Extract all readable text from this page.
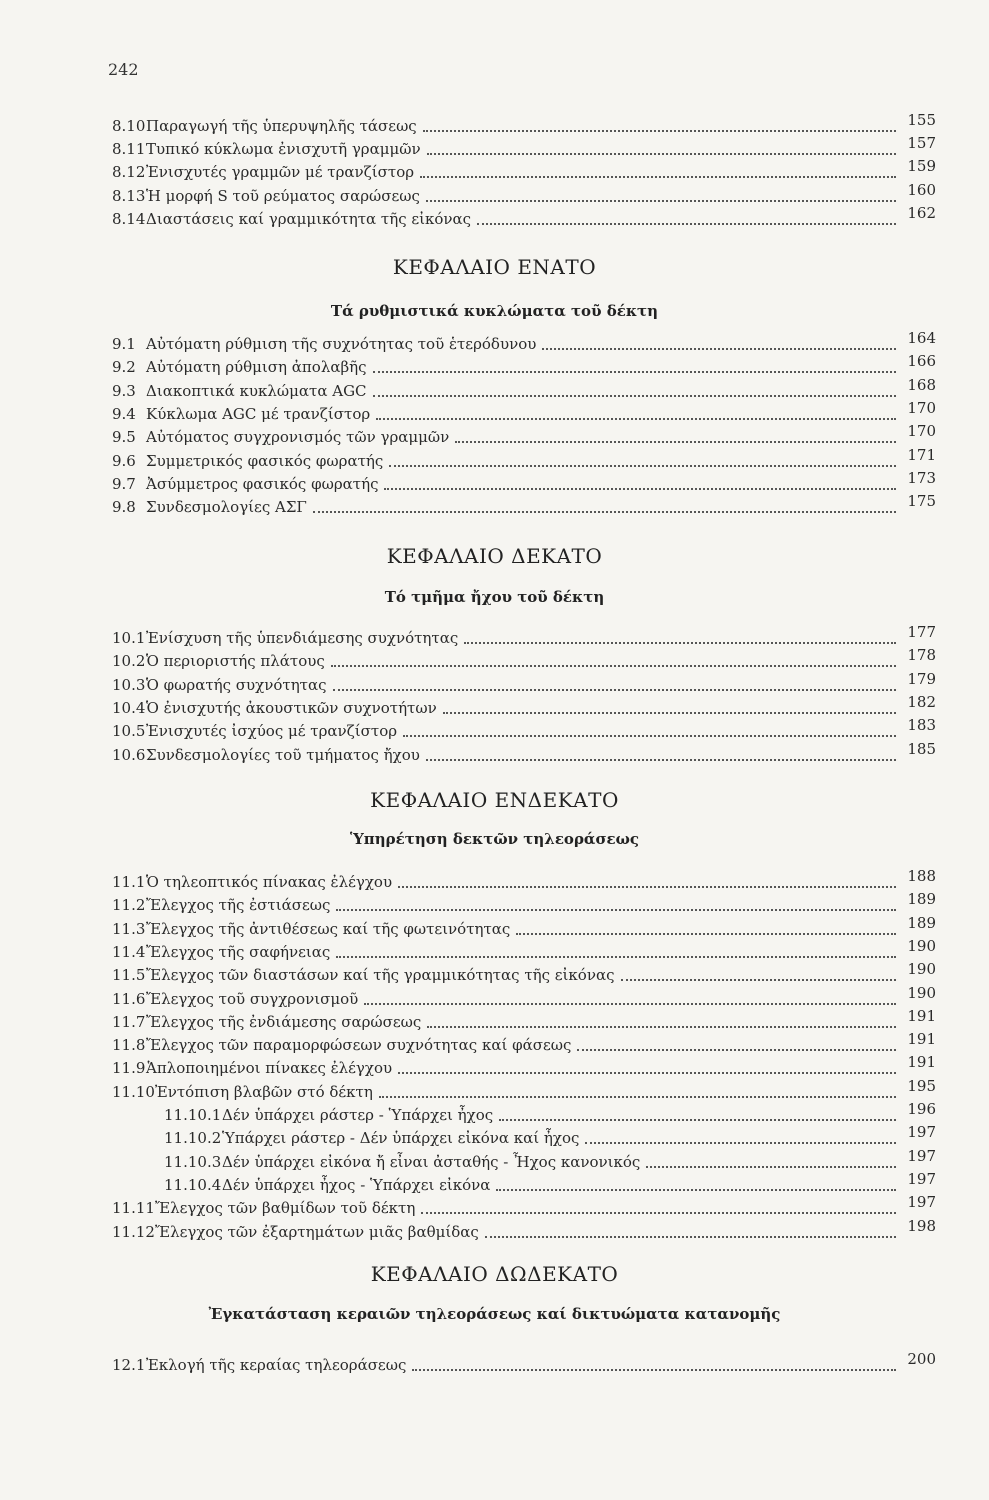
242
8.10 Παραγωγή τῆς ὑπερυψηλῆς τάσεως	155
8.11 Τυπικό κύκλωμα ἐνισχυτῆ γραμμῶν	157
8.12 Ἐνισχυτές γραμμῶν μέ τρανζίστορ	159
8.13 Ἡ μορφή S τοῦ ρεύματος σαρώσεως	160
8.14 Διαστάσεις καί γραμμικότητα τῆς εἰκόνας	162
ΚΕΦΑΛΑΙΟ ΕΝΑΤΟ
Τά ρυθμιστικά κυκλώματα τοῦ δέκτη
9.1 Αὐτόματη ρύθμιση τῆς συχνότητας τοῦ ἑτερόδυνου	164
9.2 Αὐτόματη ρύθμιση ἀπολαβῆς	166
9.3 Διακοπτικά κυκλώματα AGC	168
9.4 Κύκλωμα AGC μέ τρανζίστορ	170
9.5 Αὐτόματος συγχρονισμός τῶν γραμμῶν	170
9.6 Συμμετρικός φασικός φωρατής	171
9.7 Ἀσύμμετρος φασικός φωρατής	173
9.8 Συνδεσμολογίες ΑΣΓ	175
ΚΕΦΑΛΑΙΟ ΔΕΚΑΤΟ
Τό τμῆμα ἤχου τοῦ δέκτη
10.1 Ἐνίσχυση τῆς ὑπενδιάμεσης συχνότητας	177
10.2 Ὁ περιοριστής πλάτους	178
10.3 Ὁ φωρατής συχνότητας	179
10.4 Ὁ ἐνισχυτής ἀκουστικῶν συχνοτήτων	182
10.5 Ἐνισχυτές ἰσχύος μέ τρανζίστορ	183
10.6 Συνδεσμολογίες τοῦ τμήματος ἤχου	185
ΚΕΦΑΛΑΙΟ ΕΝΔΕΚΑΤΟ
Ὑπηρέτηση δεκτῶν τηλεοράσεως
11.1 Ὁ τηλεοπτικός πίνακας ἐλέγχου	188
11.2 Ἔλεγχος τῆς ἐστιάσεως	189
11.3 Ἔλεγχος τῆς ἀντιθέσεως καί τῆς φωτεινότητας	189
11.4 Ἔλεγχος τῆς σαφήνειας	190
11.5 Ἔλεγχος τῶν διαστάσων καί τῆς γραμμικότητας τῆς εἰκόνας	190
11.6 Ἔλεγχος τοῦ συγχρονισμοῦ	190
11.7 Ἔλεγχος τῆς ἐνδιάμεσης σαρώσεως	191
11.8 Ἔλεγχος τῶν παραμορφώσεων συχνότητας καί φάσεως	191
11.9 Ἁπλοποιημένοι πίνακες ἐλέγχου	191
11.10 Ἐντόπιση βλαβῶν στό δέκτη	195
11.10.1 Δέν ὑπάρχει ράστερ - Ὑπάρχει ἦχος	196
11.10.2 Ὑπάρχει ράστερ - Δέν ὑπάρχει εἰκόνα καί ἦχος	197
11.10.3 Δέν ὑπάρχει εἰκόνα ἤ εἶναι ἀσταθής - Ἦχος κανονικός	197
11.10.4 Δέν ὑπάρχει ἦχος - Ὑπάρχει εἰκόνα	197
11.11 Ἔλεγχος τῶν βαθμίδων τοῦ δέκτη	197
11.12 Ἔλεγχος τῶν ἐξαρτημάτων μιᾶς βαθμίδας	198
ΚΕΦΑΛΑΙΟ ΔΩΔΕΚΑΤΟ
Ἐγκατάσταση κεραιῶν τηλεοράσεως καί δικτυώματα κατανομῆς
12.1 Ἐκλογή τῆς κεραίας τηλεοράσεως	200
